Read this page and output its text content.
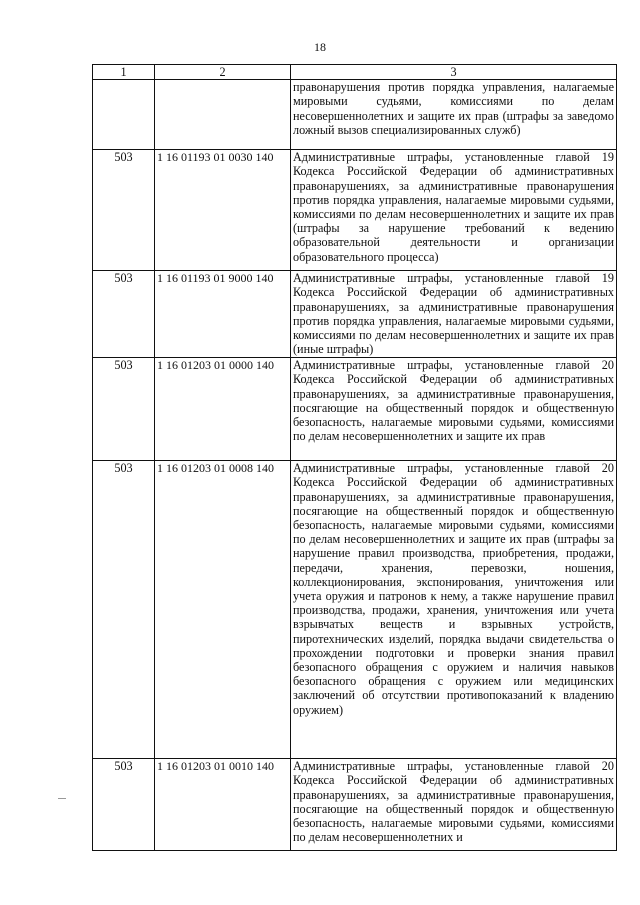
18
1	2	3
		правонарушения против порядка управления, налагаемые мировыми судьями, комиссиями по делам несовершеннолетних и защите их прав (штрафы за заведомо ложный вызов специализированных служб)
503	1 16 01193 01 0030 140	Административные штрафы, установленные главой 19 Кодекса Российской Федерации об административных правонарушениях, за административные правонарушения против порядка управления, налагаемые мировыми судьями, комиссиями по делам несовершеннолетних и защите их прав (штрафы за нарушение требований к ведению образовательной деятельности и организации образовательного процесса)
503	1 16 01193 01 9000 140	Административные штрафы, установленные главой 19 Кодекса Российской Федерации об административных правонарушениях, за административные правонарушения против порядка управления, налагаемые мировыми судьями, комиссиями по делам несовершеннолетних и защите их прав (иные штрафы)
503	1 16 01203 01 0000 140	Административные штрафы, установленные главой 20 Кодекса Российской Федерации об административных правонарушениях, за административные правонарушения, посягающие на общественный порядок и общественную безопасность, налагаемые мировыми судьями, комиссиями по делам несовершеннолетних и защите их прав
503	1 16 01203 01 0008 140	Административные штрафы, установленные главой 20 Кодекса Российской Федерации об административных правонарушениях, за административные правонарушения, посягающие на общественный порядок и общественную безопасность, налагаемые мировыми судьями, комиссиями по делам несовершеннолетних и защите их прав (штрафы за нарушение правил производства, приобретения, продажи, передачи, хранения, перевозки, ношения, коллекционирования, экспонирования, уничтожения или учета оружия и патронов к нему, а также нарушение правил производства, продажи, хранения, уничтожения или учета взрывчатых веществ и взрывных устройств, пиротехнических изделий, порядка выдачи свидетельства о прохождении подготовки и проверки знания правил безопасного обращения с оружием и наличия навыков безопасного обращения с оружием или медицинских заключений об отсутствии противопоказаний к владению оружием)
503	1 16 01203 01 0010 140	Административные штрафы, установленные главой 20 Кодекса Российской Федерации об административных правонарушениях, за административные правонарушения, посягающие на общественный порядок и общественную безопасность, налагаемые мировыми судьями, комиссиями по делам несовершеннолетних и
